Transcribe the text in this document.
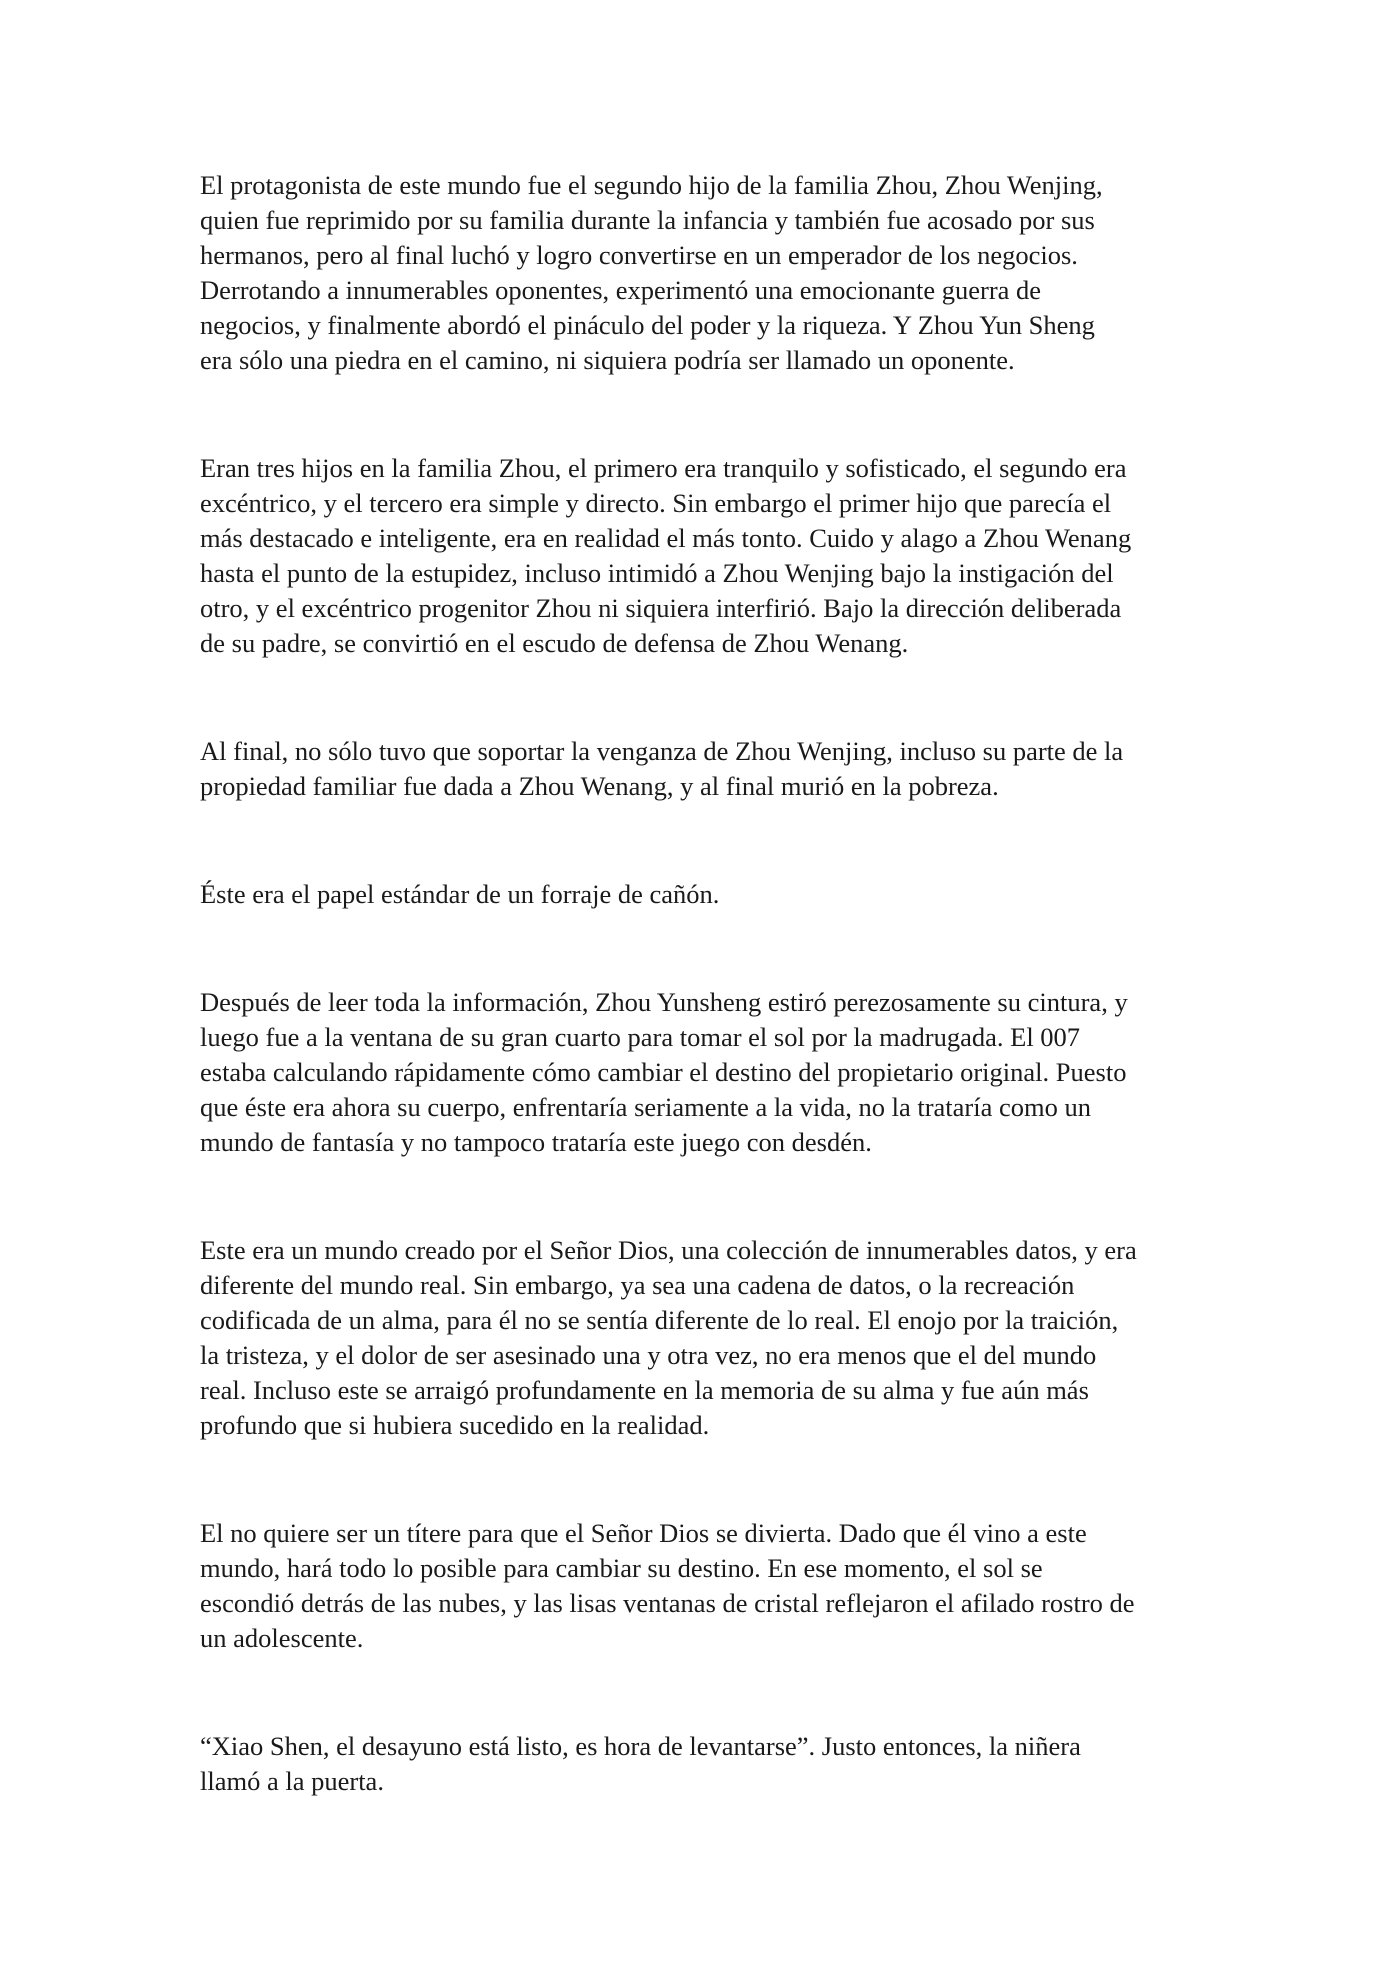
El protagonista de este mundo fue el segundo hijo de la familia Zhou, Zhou Wenjing,
quien fue reprimido por su familia durante la infancia y también fue acosado por sus
hermanos, pero al final luchó y logro convertirse en un emperador de los negocios.
Derrotando a innumerables oponentes, experimentó una emocionante guerra de
negocios, y finalmente abordó el pináculo del poder y la riqueza. Y Zhou Yun Sheng
era sólo una piedra en el camino, ni siquiera podría ser llamado un oponente.

Eran tres hijos en la familia Zhou, el primero era tranquilo y sofisticado, el segundo era
excéntrico, y el tercero era simple y directo. Sin embargo el primer hijo que parecía el
más destacado e inteligente, era en realidad el más tonto. Cuido y alago a Zhou Wenang
hasta el punto de la estupidez, incluso intimidó a Zhou Wenjing bajo la instigación del
otro, y el excéntrico progenitor Zhou ni siquiera interfirió. Bajo la dirección deliberada
de su padre, se convirtió en el escudo de defensa de Zhou Wenang.

Al final, no sólo tuvo que soportar la venganza de Zhou Wenjing, incluso su parte de la
propiedad familiar fue dada a Zhou Wenang, y al final murió en la pobreza.

Éste era el papel estándar de un forraje de cañón.

Después de leer toda la información, Zhou Yunsheng estiró perezosamente su cintura, y
luego fue a la ventana de su gran cuarto para tomar el sol por la madrugada. El 007
estaba calculando rápidamente cómo cambiar el destino del propietario original. Puesto
que éste era ahora su cuerpo, enfrentaría seriamente a la vida, no la trataría como un
mundo de fantasía y no tampoco trataría este juego con desdén.

Este era un mundo creado por el Señor Dios, una colección de innumerables datos, y era
diferente del mundo real. Sin embargo, ya sea una cadena de datos, o la recreación
codificada de un alma, para él no se sentía diferente de lo real. El enojo por la traición,
la tristeza, y el dolor de ser asesinado una y otra vez, no era menos que el del mundo
real. Incluso este se arraigó profundamente en la memoria de su alma y fue aún más
profundo que si hubiera sucedido en la realidad.

El no quiere ser un títere para que el Señor Dios se divierta. Dado que él vino a este
mundo, hará todo lo posible para cambiar su destino. En ese momento, el sol se
escondió detrás de las nubes, y las lisas ventanas de cristal reflejaron el afilado rostro de
un adolescente.

“Xiao Shen, el desayuno está listo, es hora de levantarse”. Justo entonces, la niñera
llamó a la puerta.
